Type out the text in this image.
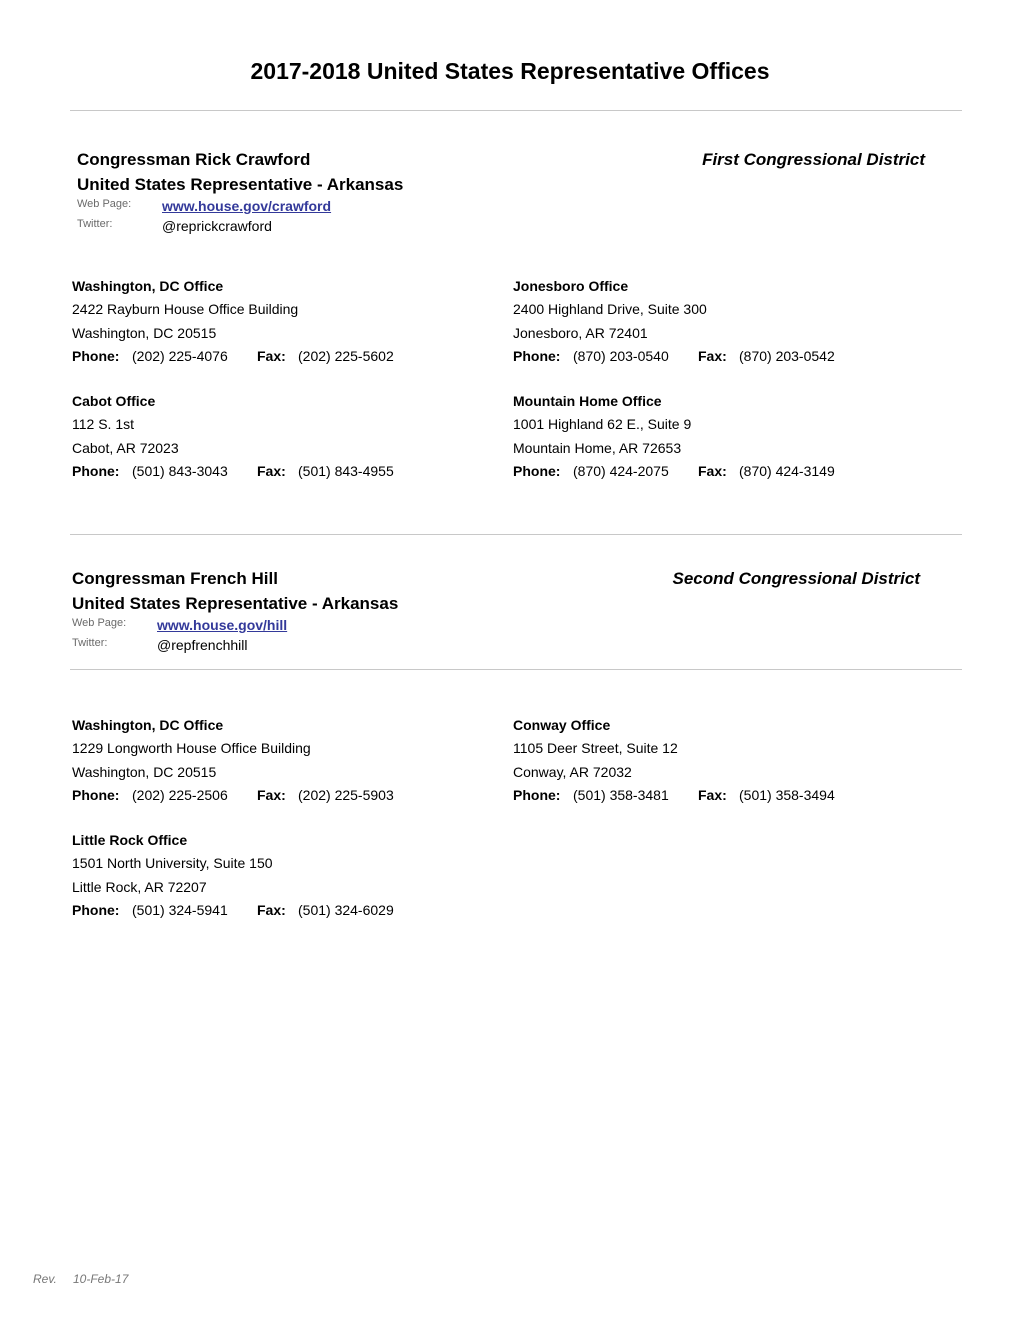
2017-2018 United States Representative Offices
Congressman Rick Crawford	First Congressional District
United States Representative - Arkansas
Web Page: www.house.gov/crawford
Twitter:	@reprickcrawford
Washington, DC Office
2422 Rayburn House Office Building
Washington, DC 20515
Phone: (202) 225-4076 Fax: (202) 225-5602
Jonesboro Office
2400 Highland Drive, Suite 300
Jonesboro, AR 72401
Phone: (870) 203-0540 Fax: (870) 203-0542
Cabot Office
112 S. 1st
Cabot, AR 72023
Phone: (501) 843-3043 Fax: (501) 843-4955
Mountain Home Office
1001 Highland 62 E., Suite 9
Mountain Home, AR 72653
Phone: (870) 424-2075 Fax: (870) 424-3149
Congressman French Hill	Second Congressional District
United States Representative - Arkansas
Web Page: www.house.gov/hill
Twitter:	@repfrenchhill
Washington, DC Office
1229 Longworth House Office Building
Washington, DC 20515
Phone: (202) 225-2506 Fax: (202) 225-5903
Conway Office
1105 Deer Street, Suite 12
Conway, AR 72032
Phone: (501) 358-3481 Fax: (501) 358-3494
Little Rock Office
1501 North University, Suite 150
Little Rock, AR 72207
Phone: (501) 324-5941 Fax: (501) 324-6029
Rev. 10-Feb-17
